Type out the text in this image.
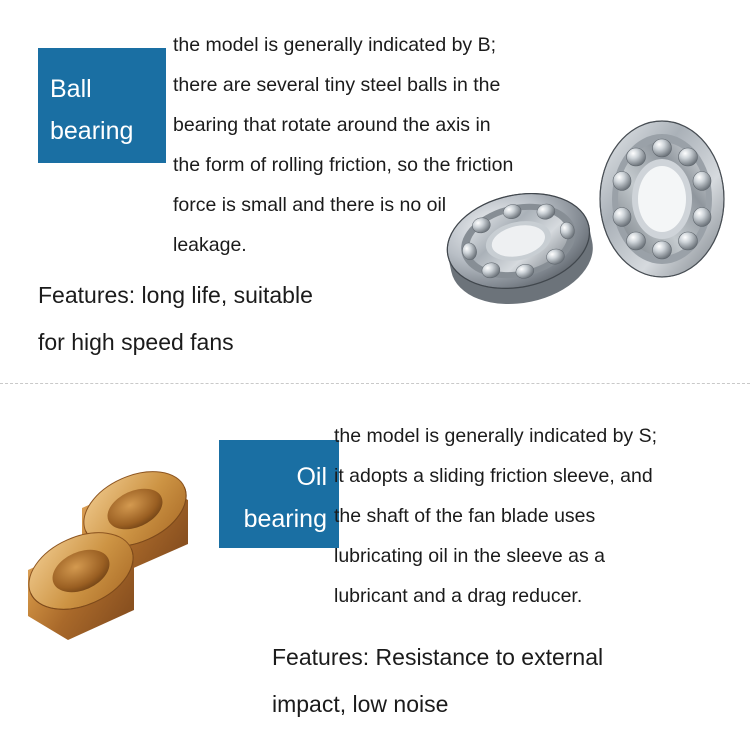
Ball
bearing
the model is generally indicated by B;
there are several tiny steel balls in the
bearing that rotate around the axis in
the form of rolling friction, so the friction
force is small and there is no oil
leakage.
Features: long life, suitable
for high speed fans
Oil
bearing
the model is generally indicated by S;
it adopts a sliding friction sleeve, and
the shaft of the fan blade uses
lubricating oil in the sleeve as a
lubricant and a drag reducer.
Features: Resistance to external
impact, low noise
